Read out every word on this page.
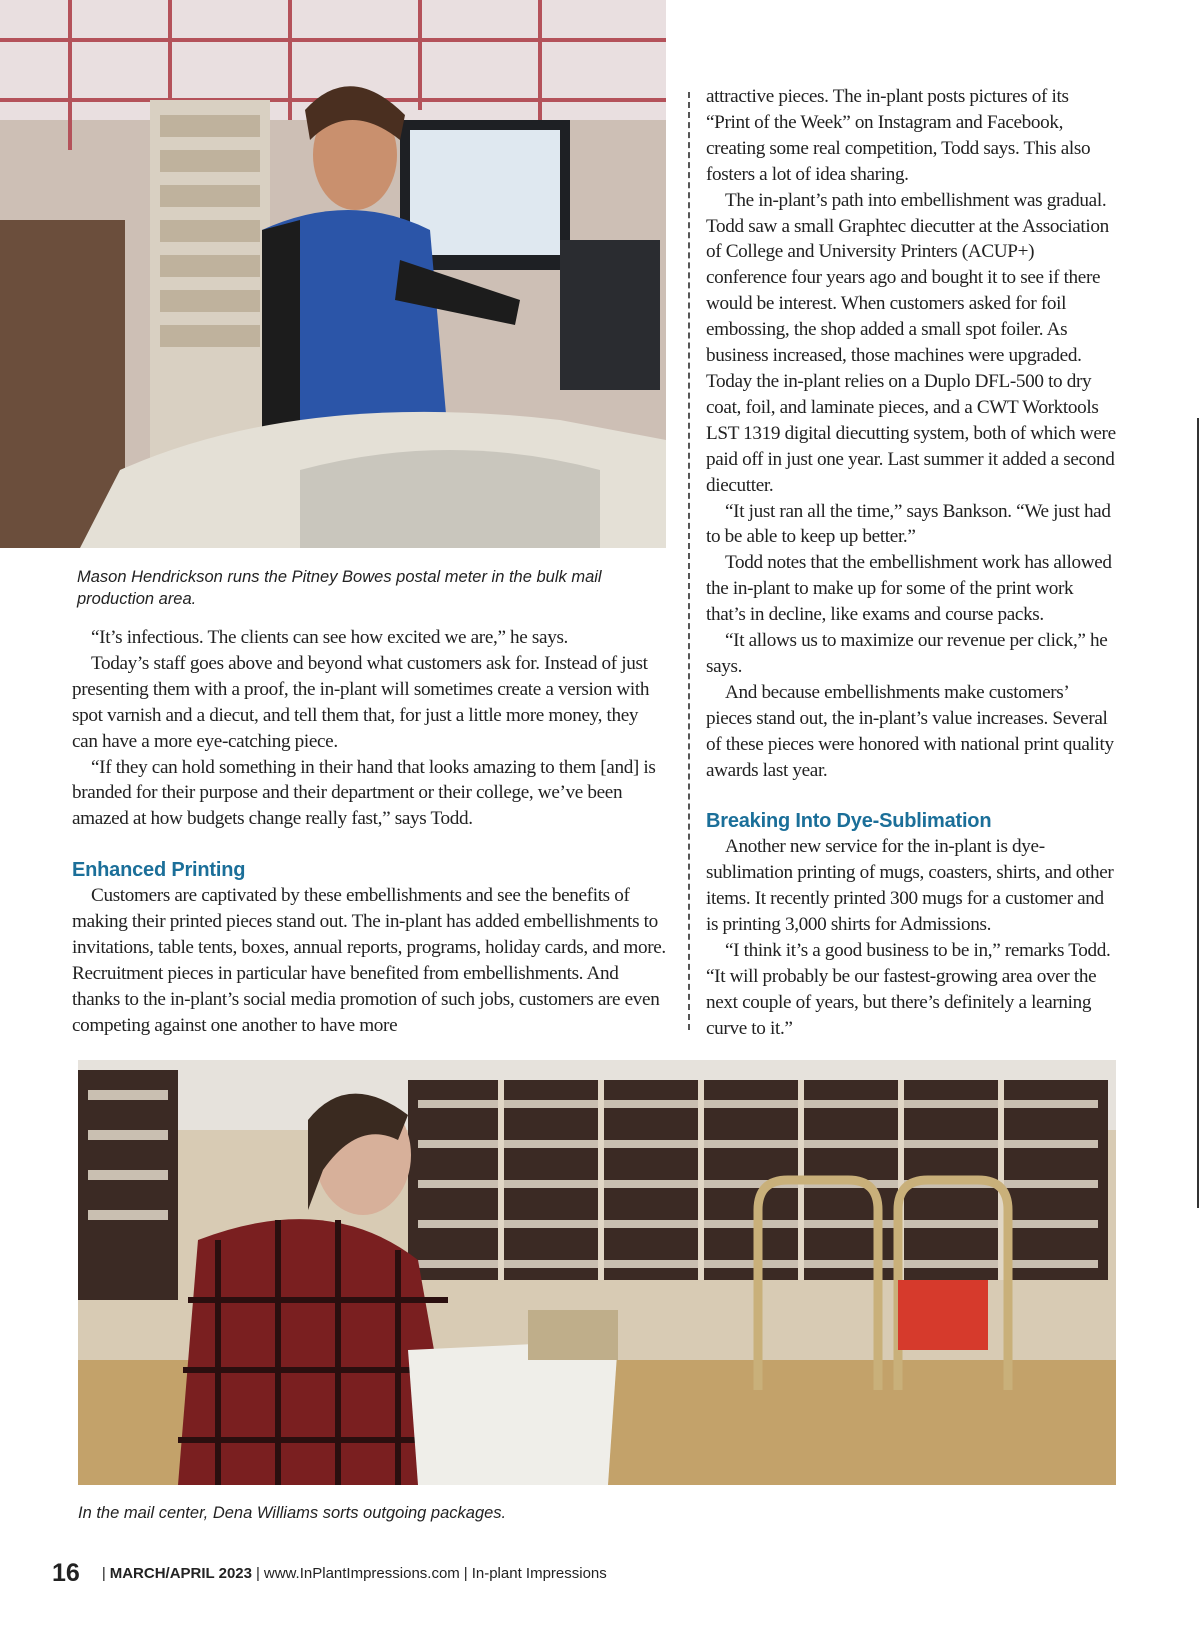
Mason Hendrickson runs the Pitney Bowes postal meter in the bulk mail production area.

“It’s infectious. The clients can see how excited we are,” he says.

Today’s staff goes above and beyond what customers ask for. Instead of just presenting them with a proof, the in-plant will sometimes create a version with spot varnish and a diecut, and tell them that, for just a little more money, they can have a more eye-catching piece.

“If they can hold something in their hand that looks amazing to them [and] is branded for their purpose and their department or their college, we’ve been amazed at how budgets change really fast,” says Todd.

Enhanced Printing

Customers are captivated by these embellishments and see the benefits of making their printed pieces stand out. The in-plant has added embellishments to invitations, table tents, boxes, annual reports, programs, holiday cards, and more. Recruitment pieces in particular have benefited from embellishments. And thanks to the in-plant’s social media promotion of such jobs, customers are even competing against one another to have more

attractive pieces. The in-plant posts pictures of its “Print of the Week” on Instagram and Facebook, creating some real competition, Todd says. This also fosters a lot of idea sharing.

The in-plant’s path into embellishment was gradual. Todd saw a small Graphtec diecutter at the Association of College and University Printers (ACUP+) conference four years ago and bought it to see if there would be interest. When customers asked for foil embossing, the shop added a small spot foiler. As business increased, those machines were upgraded. Today the in-plant relies on a Duplo DFL-500 to dry coat, foil, and laminate pieces, and a CWT Worktools LST 1319 digital diecutting system, both of which were paid off in just one year. Last summer it added a second diecutter.

“It just ran all the time,” says Bankson. “We just had to be able to keep up better.”

Todd notes that the embellishment work has allowed the in-plant to make up for some of the print work that’s in decline, like exams and course packs.

“It allows us to maximize our revenue per click,” he says.

And because embellishments make customers’ pieces stand out, the in-plant’s value increases. Several of these pieces were honored with national print quality awards last year.

Breaking Into Dye-Sublimation

Another new service for the in-plant is dye-sublimation printing of mugs, coasters, shirts, and other items. It recently printed 300 mugs for a customer and is printing 3,000 shirts for Admissions.

“I think it’s a good business to be in,” remarks Todd. “It will probably be our fastest-growing area over the next couple of years, but there’s definitely a learning curve to it.”

In the mail center, Dena Williams sorts outgoing packages.
16 | MARCH/APRIL 2023 | www.InPlantImpressions.com | In-plant Impressions
